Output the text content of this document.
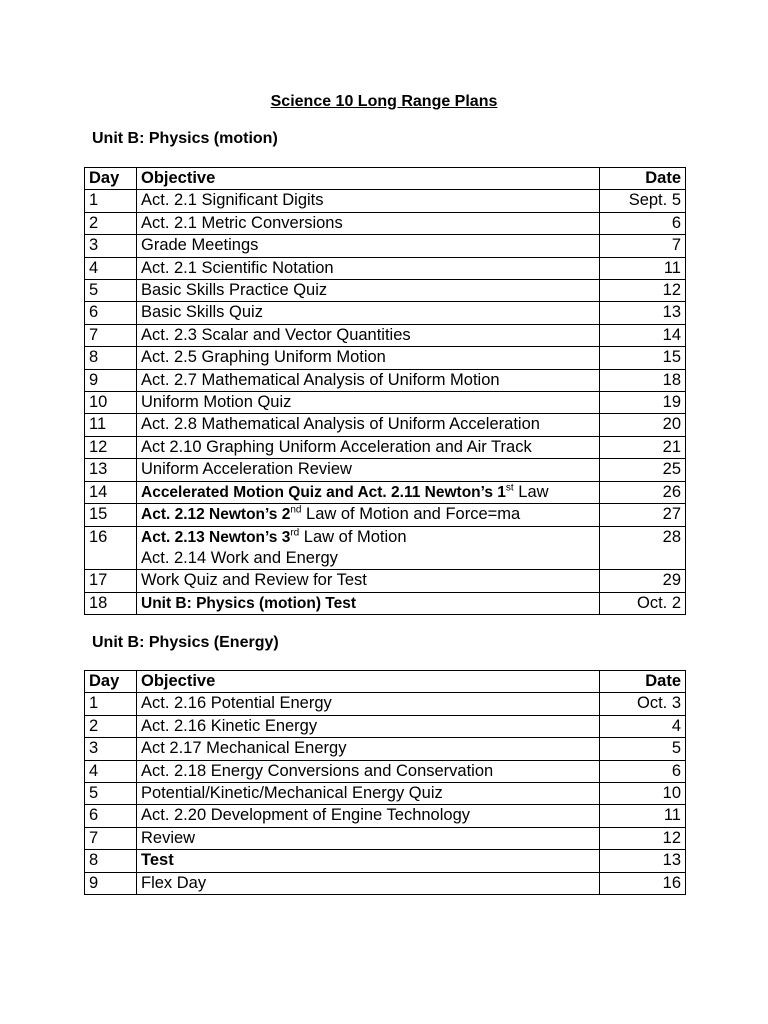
Science 10 Long Range Plans
Unit B: Physics (motion)
Day	Objective	Date
1	Act. 2.1 Significant Digits	Sept. 5
2	Act. 2.1 Metric Conversions	6
3	Grade Meetings	7
4	Act. 2.1 Scientific Notation	11
5	Basic Skills Practice Quiz	12
6	Basic Skills Quiz	13
7	Act. 2.3 Scalar and Vector Quantities	14
8	Act. 2.5 Graphing Uniform Motion	15
9	Act. 2.7 Mathematical Analysis of Uniform Motion	18
10	Uniform Motion Quiz	19
11	Act. 2.8 Mathematical Analysis of Uniform Acceleration	20
12	Act 2.10 Graphing Uniform Acceleration and Air Track	21
13	Uniform Acceleration Review	25
14	Accelerated Motion Quiz and Act. 2.11 Newton’s 1st Law	26
15	Act. 2.12 Newton’s 2nd Law of Motion and Force=ma	27
16	Act. 2.13 Newton’s 3rd Law of Motion
Act. 2.14 Work and Energy	28
17	Work Quiz and Review for Test	29
18	Unit B: Physics (motion) Test	Oct. 2
Unit B: Physics (Energy)
Day	Objective	Date
1	Act. 2.16 Potential Energy	Oct. 3
2	Act. 2.16 Kinetic Energy	4
3	Act 2.17 Mechanical Energy	5
4	Act. 2.18 Energy Conversions and Conservation	6
5	Potential/Kinetic/Mechanical Energy Quiz	10
6	Act. 2.20 Development of Engine Technology	11
7	Review	12
8	Test	13
9	Flex Day	16
